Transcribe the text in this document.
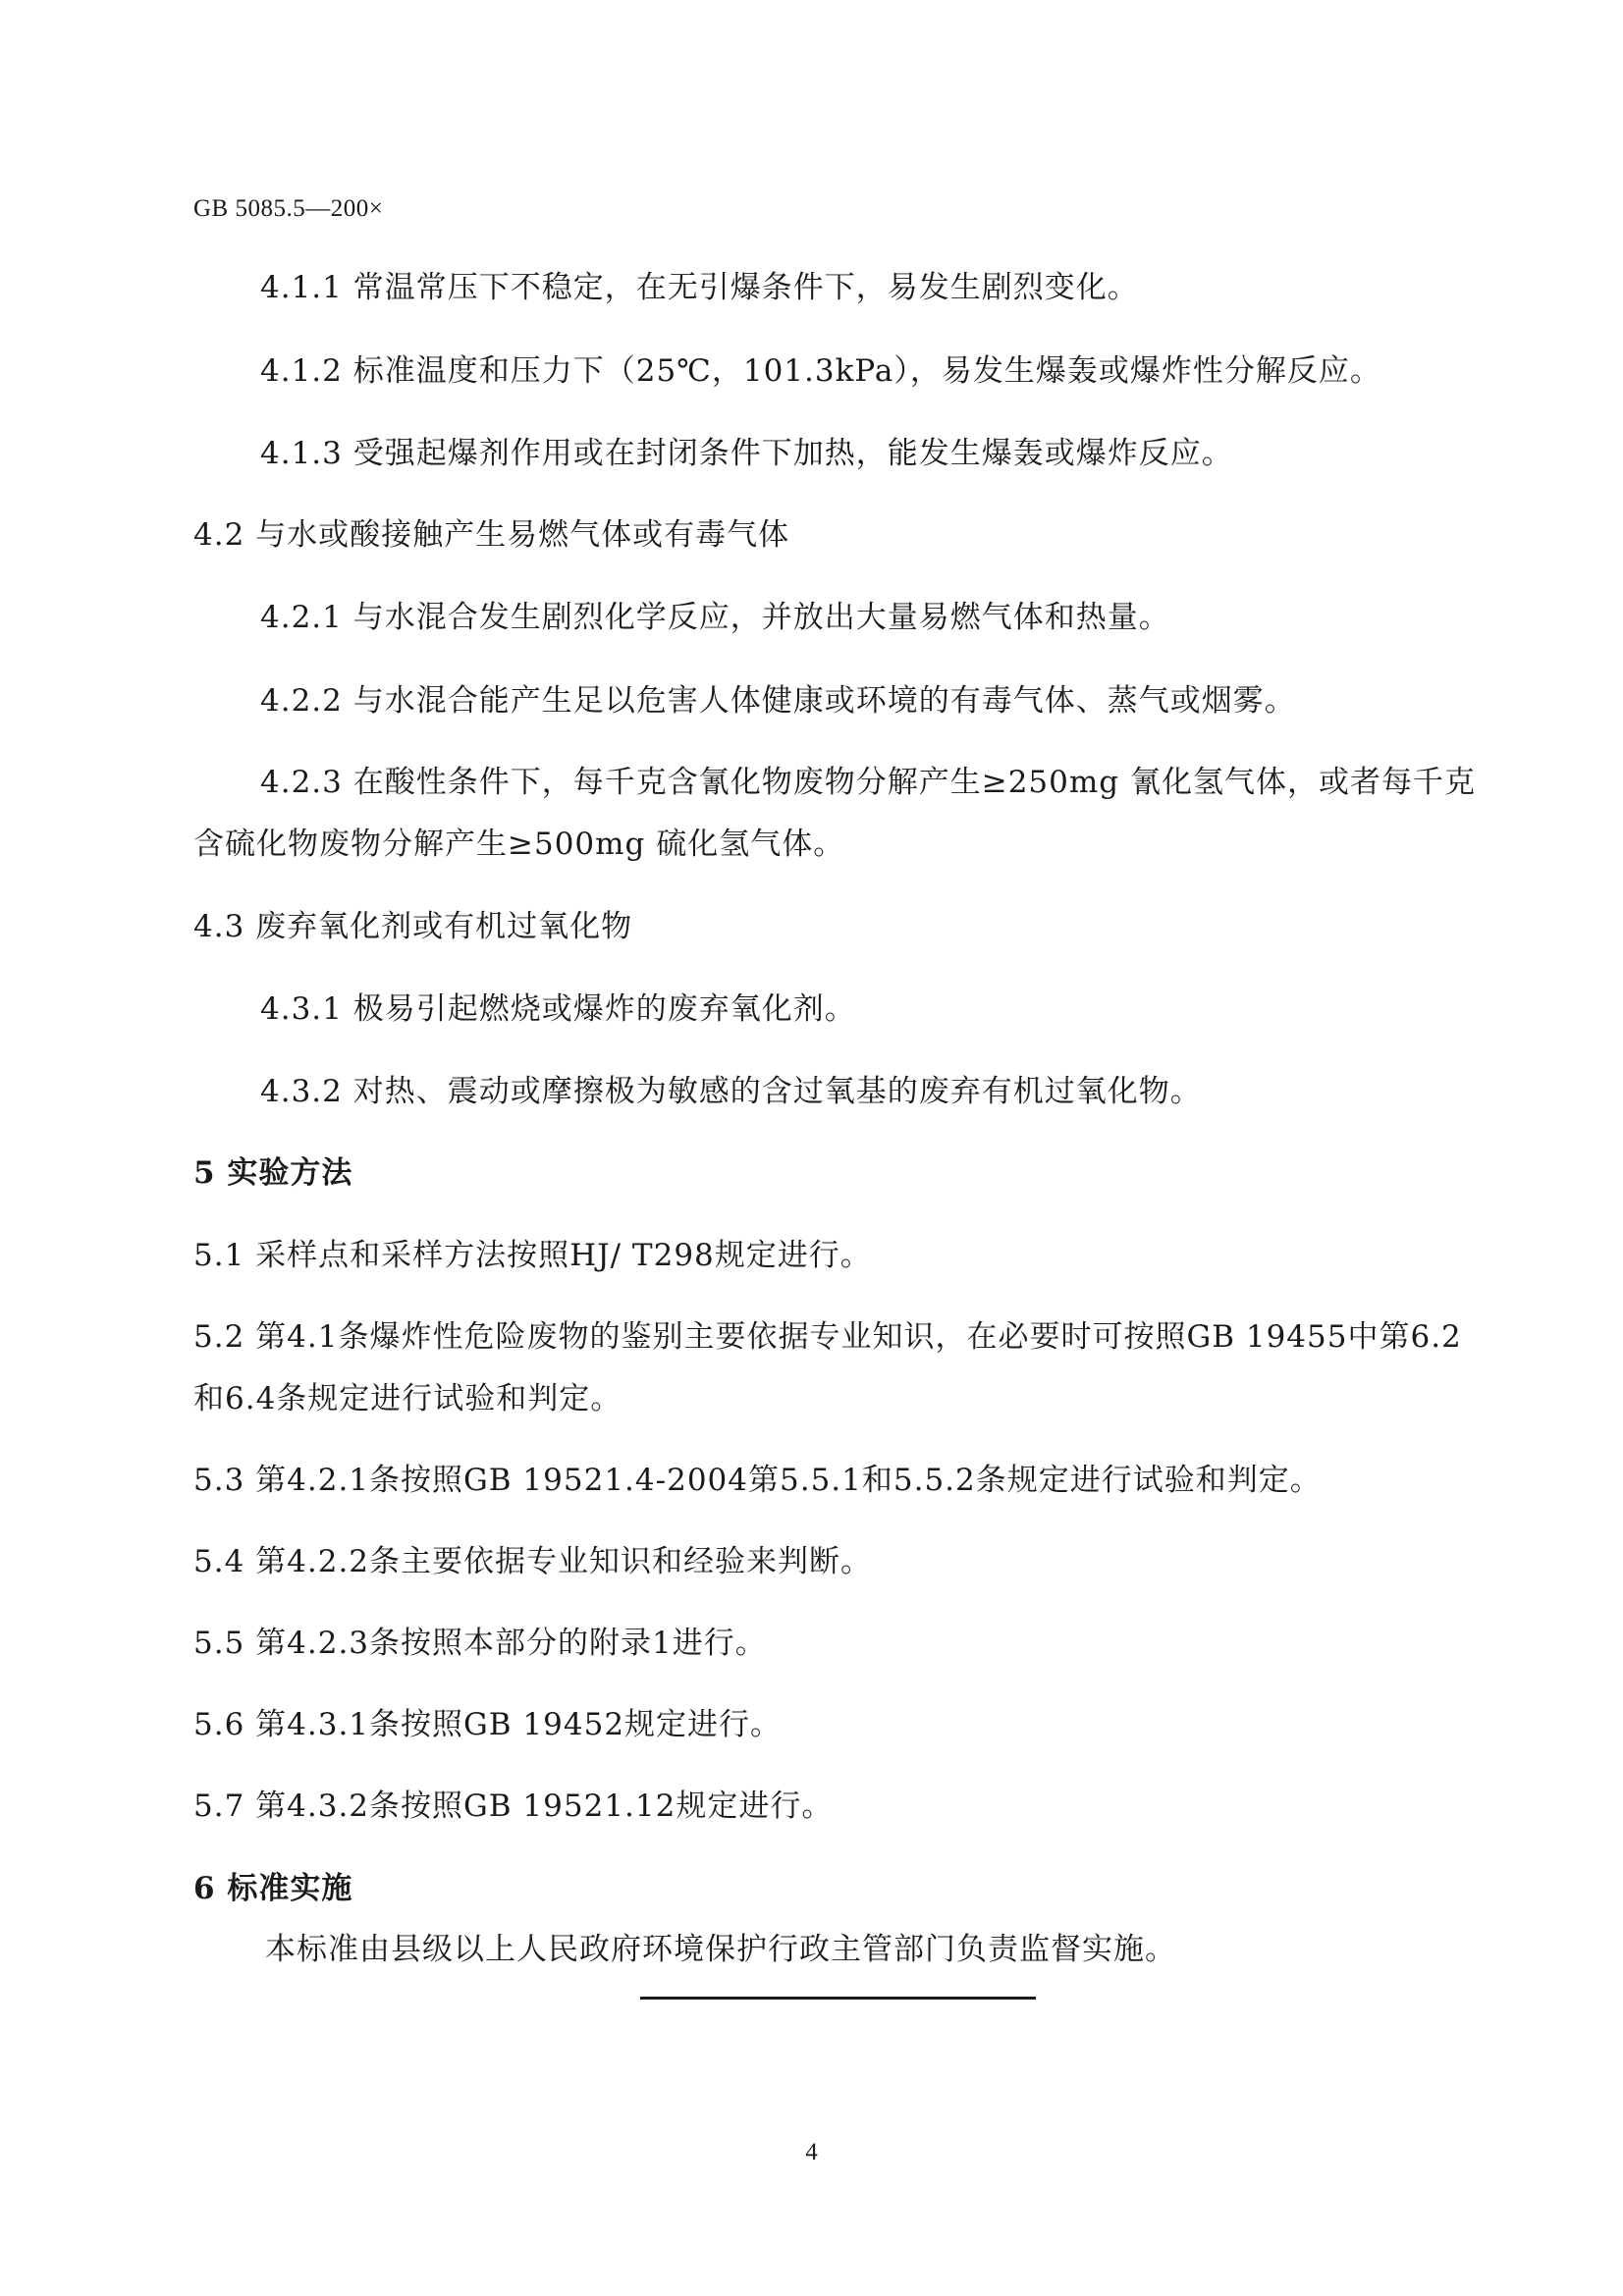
GB 5085.5—200×
4.1.1 常温常压下不稳定，在无引爆条件下，易发生剧烈变化。
4.1.2 标准温度和压力下（25℃，101.3kPa），易发生爆轰或爆炸性分解反应。
4.1.3 受强起爆剂作用或在封闭条件下加热，能发生爆轰或爆炸反应。
4.2 与水或酸接触产生易燃气体或有毒气体
4.2.1 与水混合发生剧烈化学反应，并放出大量易燃气体和热量。
4.2.2 与水混合能产生足以危害人体健康或环境的有毒气体、蒸气或烟雾。
4.2.3 在酸性条件下，每千克含氰化物废物分解产生≥250mg 氰化氢气体，或者每千克
含硫化物废物分解产生≥500mg 硫化氢气体。
4.3 废弃氧化剂或有机过氧化物
4.3.1 极易引起燃烧或爆炸的废弃氧化剂。
4.3.2 对热、震动或摩擦极为敏感的含过氧基的废弃有机过氧化物。
5 实验方法
5.1 采样点和采样方法按照HJ/ T298规定进行。
5.2 第4.1条爆炸性危险废物的鉴别主要依据专业知识，在必要时可按照GB 19455中第6.2
和6.4条规定进行试验和判定。
5.3 第4.2.1条按照GB 19521.4-2004第5.5.1和5.5.2条规定进行试验和判定。
5.4 第4.2.2条主要依据专业知识和经验来判断。
5.5 第4.2.3条按照本部分的附录1进行。
5.6 第4.3.1条按照GB 19452规定进行。
5.7 第4.3.2条按照GB 19521.12规定进行。
6 标准实施
本标准由县级以上人民政府环境保护行政主管部门负责监督实施。
4
